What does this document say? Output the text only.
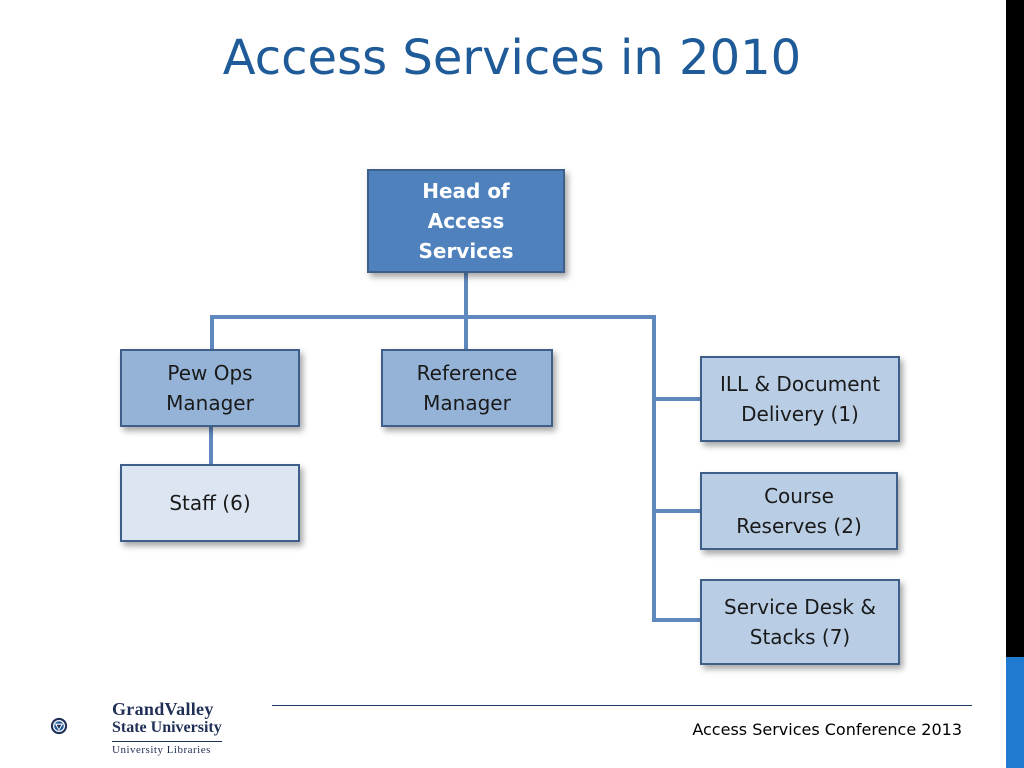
Access Services in 2010
Head of Access Services
Pew Ops Manager
Reference Manager
Staff (6)
ILL & Document Delivery (1)
Course Reserves (2)
Service Desk & Stacks (7)
Access Services Conference 2013
GrandValley
State University
University Libraries
